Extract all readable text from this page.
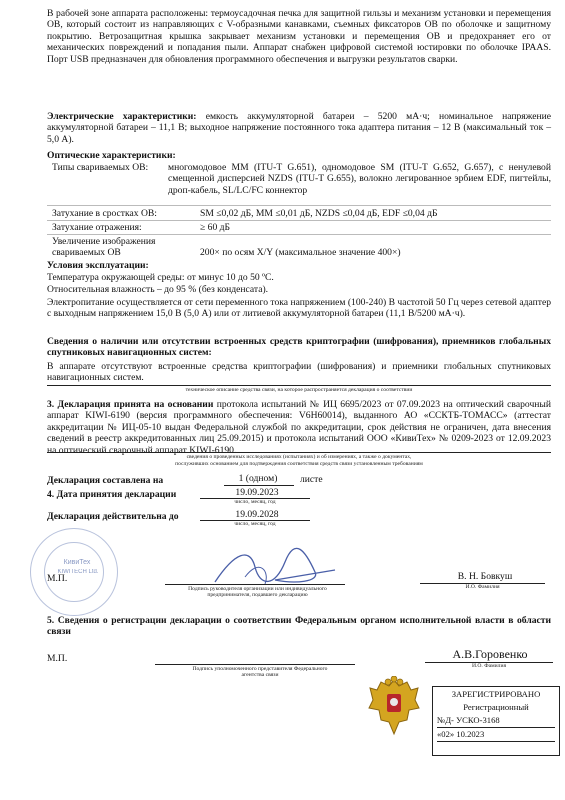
В рабочей зоне аппарата расположены: термоусадочная печка для защитной гильзы и механизм установки и перемещения ОВ, который состоит из направляющих с V-образными канавками, съемных фиксаторов ОВ по оболочке и защитному покрытию. Ветрозащитная крышка закрывает механизм установки и перемещения ОВ и предохраняет его от механических повреждений и попадания пыли. Аппарат снабжен цифровой системой юстировки по оболочке IPAAS. Порт USB предназначен для обновления программного обеспечения и выгрузки результатов сварки.
Электрические характеристики: емкость аккумуляторной батареи – 5200 мА·ч; номинальное напряжение аккумуляторной батареи – 11,1 В; выходное напряжение постоянного тока адаптера питания – 12 В (максимальный ток – 5,0 А).
Оптические характеристики:
Типы свариваемых ОВ: многомодовое ММ (ITU-T G.651), одномодовое SM (ITU-T G.652, G.657), с ненулевой смещенной дисперсией NZDS (ITU-T G.655), волокно легированное эрбием EDF, пигтейлы, дроп-кабель, SL/LC/FC коннектор
Затухание в сростках ОВ:	SM ≤0,02 дБ, ММ ≤0,01 дБ, NZDS ≤0,04 дБ, EDF ≤0,04 дБ
Затухание отражения:	≥ 60 дБ
Увеличение изображения
свариваемых ОВ	200× по осям X/Y (максимальное значение 400×)
Условия эксплуатации:
Температура окружающей среды: от минус 10 до 50 ºС.
Относительная влажность – до 95 % (без конденсата).
Электропитание осуществляется от сети переменного тока напряжением (100-240) В частотой 50 Гц через сетевой адаптер с выходным напряжением 15,0 В (5,0 А) или от литиевой аккумуляторной батареи (11,1 В/5200 мА·ч).
Сведения о наличии или отсутствии встроенных средств криптографии (шифрования), приемников глобальных спутниковых навигационных систем:
В аппарате отсутствуют встроенные средства криптографии (шифрования) и приемники глобальных спутниковых навигационных систем.
техническое описание средства связи, на которое распространяется декларация о соответствии
3. Декларация принята на основании протокола испытаний № ИЦ 6695/2023 от 07.09.2023 на оптический сварочный аппарат KIWI-6190 (версия программного обеспечения: V6H60014), выданного АО «ССКТБ-ТОМАСС» (аттестат аккредитации № ИЦ-05-10 выдан Федеральной службой по аккредитации, срок действия не ограничен, дата внесения сведений в реестр аккредитованных лиц 25.09.2015) и протокола испытаний ООО «КивиТех» № 0209-2023 от 12.09.2023 на оптический сварочный аппарат KIWI-6190.
сведения о проведенных исследованиях (испытаниях) и об измерениях, а также о документах,
послуживших основанием для подтверждения соответствия средств связи установленным требованиям
Декларация составлена на	1 (одном)	листе
4. Дата принятия декларации	19.09.2023
число, месяц, год
Декларация действительна до	19.09.2028
число, месяц, год
КивиТех
KIWITECH Ltd.
М.П.
Подпись руководителя организации или индивидуального предпринимателя, подавшего декларацию
В. Н. Бовкуш
И.О. Фамилия
5. Сведения о регистрации декларации о соответствии Федеральным органом исполнительной власти в области связи
М.П.
Подпись уполномоченного представителя Федерального агентства связи
А.В.Горовенко
И.О. Фамилия
ЗАРЕГИСТРИРОВАНО
Регистрационный
№Д- УСКО-3168
«02» 10.2023
